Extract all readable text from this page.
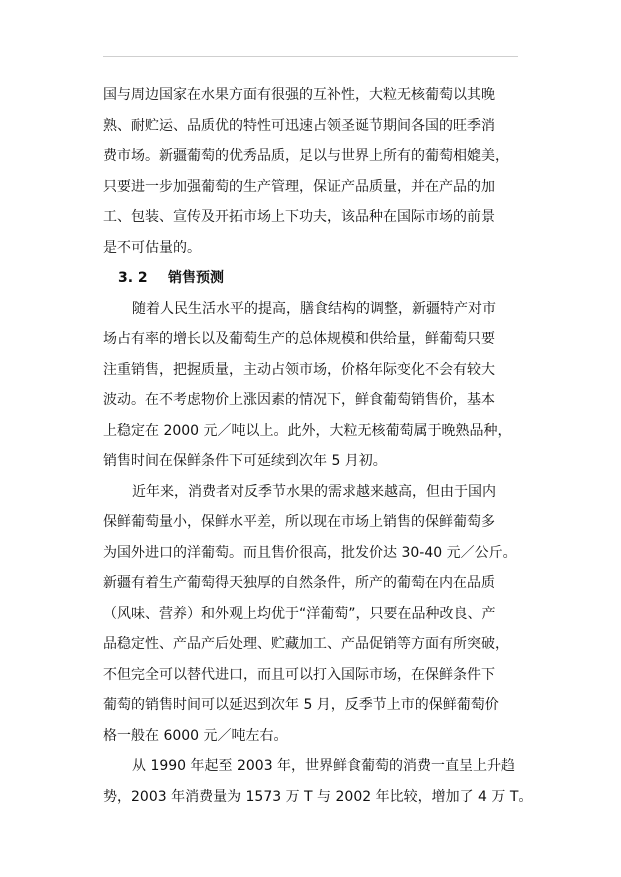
国与周边国家在水果方面有很强的互补性，大粒无核葡萄以其晚
熟、耐贮运、品质优的特性可迅速占领圣诞节期间各国的旺季消
费市场。新疆葡萄的优秀品质，足以与世界上所有的葡萄相媲美，
只要进一步加强葡萄的生产管理，保证产品质量，并在产品的加
工、包装、宣传及开拓市场上下功夫，该品种在国际市场的前景
是不可估量的。
3. 2 销售预测
随着人民生活水平的提高，膳食结构的调整，新疆特产对市
场占有率的增长以及葡萄生产的总体规模和供给量，鲜葡萄只要
注重销售，把握质量，主动占领市场，价格年际变化不会有较大
波动。在不考虑物价上涨因素的情况下，鲜食葡萄销售价，基本
上稳定在 2000 元／吨以上。此外，大粒无核葡萄属于晚熟品种，
销售时间在保鲜条件下可延续到次年 5 月初。
近年来，消费者对反季节水果的需求越来越高，但由于国内
保鲜葡萄量小，保鲜水平差，所以现在市场上销售的保鲜葡萄多
为国外进口的洋葡萄。而且售价很高，批发价达 30-40 元／公斤。
新疆有着生产葡萄得天独厚的自然条件，所产的葡萄在内在品质
（风味、营养）和外观上均优于“洋葡萄”，只要在品种改良、产
品稳定性、产品产后处理、贮藏加工、产品促销等方面有所突破，
不但完全可以替代进口，而且可以打入国际市场，在保鲜条件下
葡萄的销售时间可以延迟到次年 5 月，反季节上市的保鲜葡萄价
格一般在 6000 元／吨左右。
从 1990 年起至 2003 年，世界鲜食葡萄的消费一直呈上升趋
势，2003 年消费量为 1573 万 T 与 2002 年比较，增加了 4 万 T。
